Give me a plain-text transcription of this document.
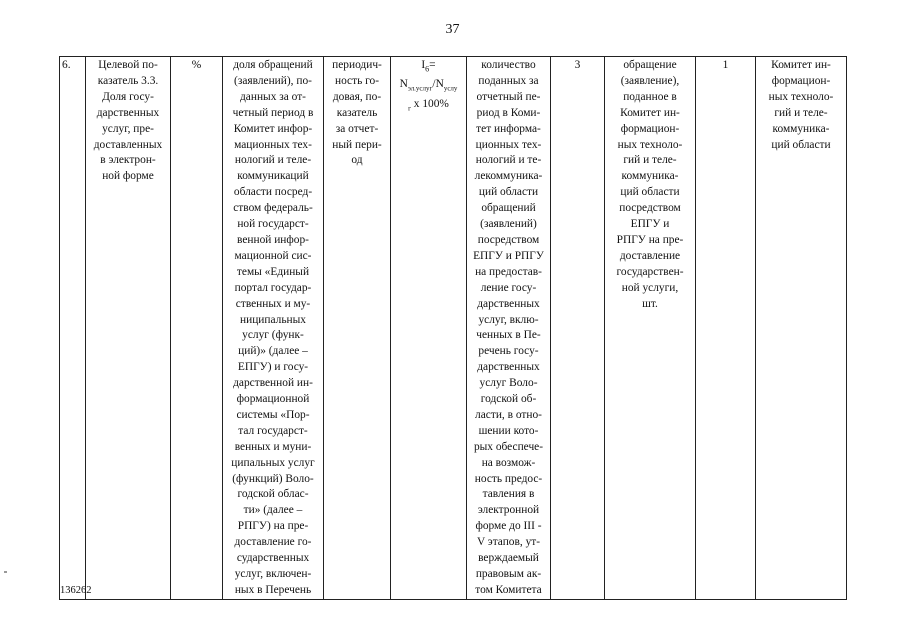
37
6.	Целевой по-
казатель 3.3.
Доля госу-
дарственных
услуг, пре-
доставленных
в электрон-
ной форме	%	доля обращений
(заявлений), по-
данных за от-
четный период в
Комитет инфор-
мационных тех-
нологий и теле-
коммуникаций
области посред-
ством федераль-
ной государст-
венной инфор-
мационной сис-
темы «Единый
портал государ-
ственных и му-
ниципальных
услуг (функ-
ций)» (далее –
ЕПГУ) и госу-
дарственной ин-
формационной
системы «Пор-
тал государст-
венных и муни-
ципальных услуг
(функций) Воло-
годской облас-
ти» (далее –
РПГУ) на пре-
доставление го-
сударственных
услуг, включен-
ных в Перечень	периодич-
ность го-
довая, по-
казатель
за отчет-
ный пери-
од	$I_6=$
$N_{эл.услуг}/N_{услу}$
$_г$ x 100%	количество
поданных за
отчетный пе-
риод в Коми-
тет информа-
ционных тех-
нологий и те-
лекоммуника-
ций области
обращений
(заявлений)
посредством
ЕПГУ и РПГУ
на предостав-
ление госу-
дарственных
услуг, вклю-
ченных в Пе-
речень госу-
дарственных
услуг Воло-
годской об-
ласти, в отно-
шении кото-
рых обеспече-
на возмож-
ность предос-
тавления в
электронной
форме до III -
V этапов, ут-
верждаемый
правовым ак-
том Комитета	3	обращение
(заявление),
поданное в
Комитет ин-
формацион-
ных техноло-
гий и теле-
коммуника-
ций области
посредством
ЕПГУ и
РПГУ на пре-
доставление
государствен-
ной услуги,
шт.	1	Комитет ин-
формацион-
ных техноло-
гий и теле-
коммуника-
ций области
136262
